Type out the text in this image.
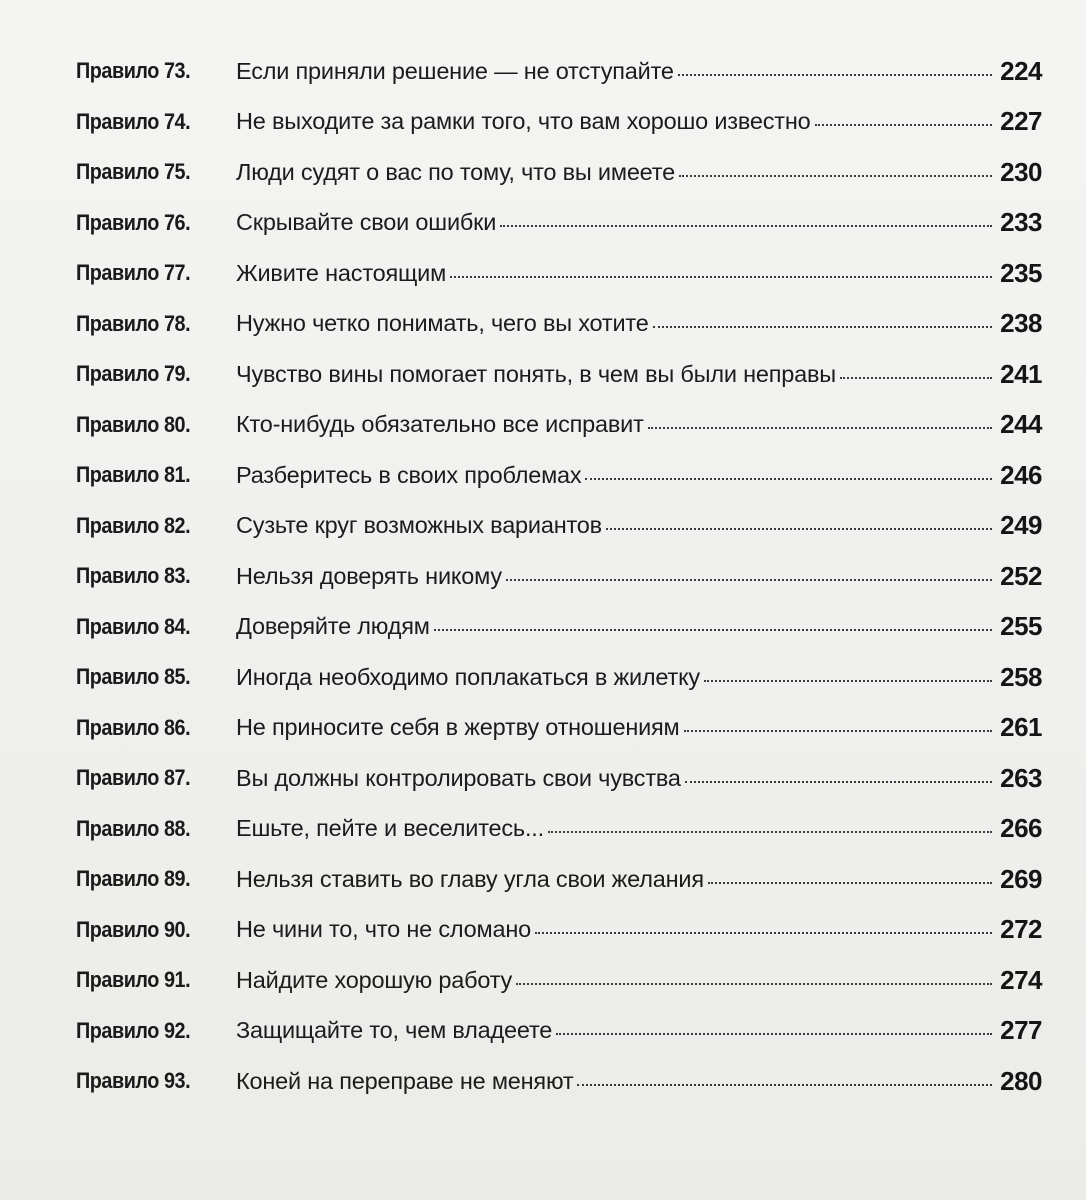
Правило 73.	Если приняли решение — не отступайте	224
Правило 74.	Не выходите за рамки того, что вам хорошо известно	227
Правило 75.	Люди судят о вас по тому, что вы имеете	230
Правило 76.	Скрывайте свои ошибки	233
Правило 77.	Живите настоящим	235
Правило 78.	Нужно четко понимать, чего вы хотите	238
Правило 79.	Чувство вины помогает понять, в чем вы были неправы	241
Правило 80.	Кто-нибудь обязательно все исправит	244
Правило 81.	Разберитесь в своих проблемах	246
Правило 82.	Сузьте круг возможных вариантов	249
Правило 83.	Нельзя доверять никому	252
Правило 84.	Доверяйте людям	255
Правило 85.	Иногда необходимо поплакаться в жилетку	258
Правило 86.	Не приносите себя в жертву отношениям	261
Правило 87.	Вы должны контролировать свои чувства	263
Правило 88.	Ешьте, пейте и веселитесь...	266
Правило 89.	Нельзя ставить во главу угла свои желания	269
Правило 90.	Не чини то, что не сломано	272
Правило 91.	Найдите хорошую работу	274
Правило 92.	Защищайте то, чем владеете	277
Правило 93.	Коней на переправе не меняют	280
